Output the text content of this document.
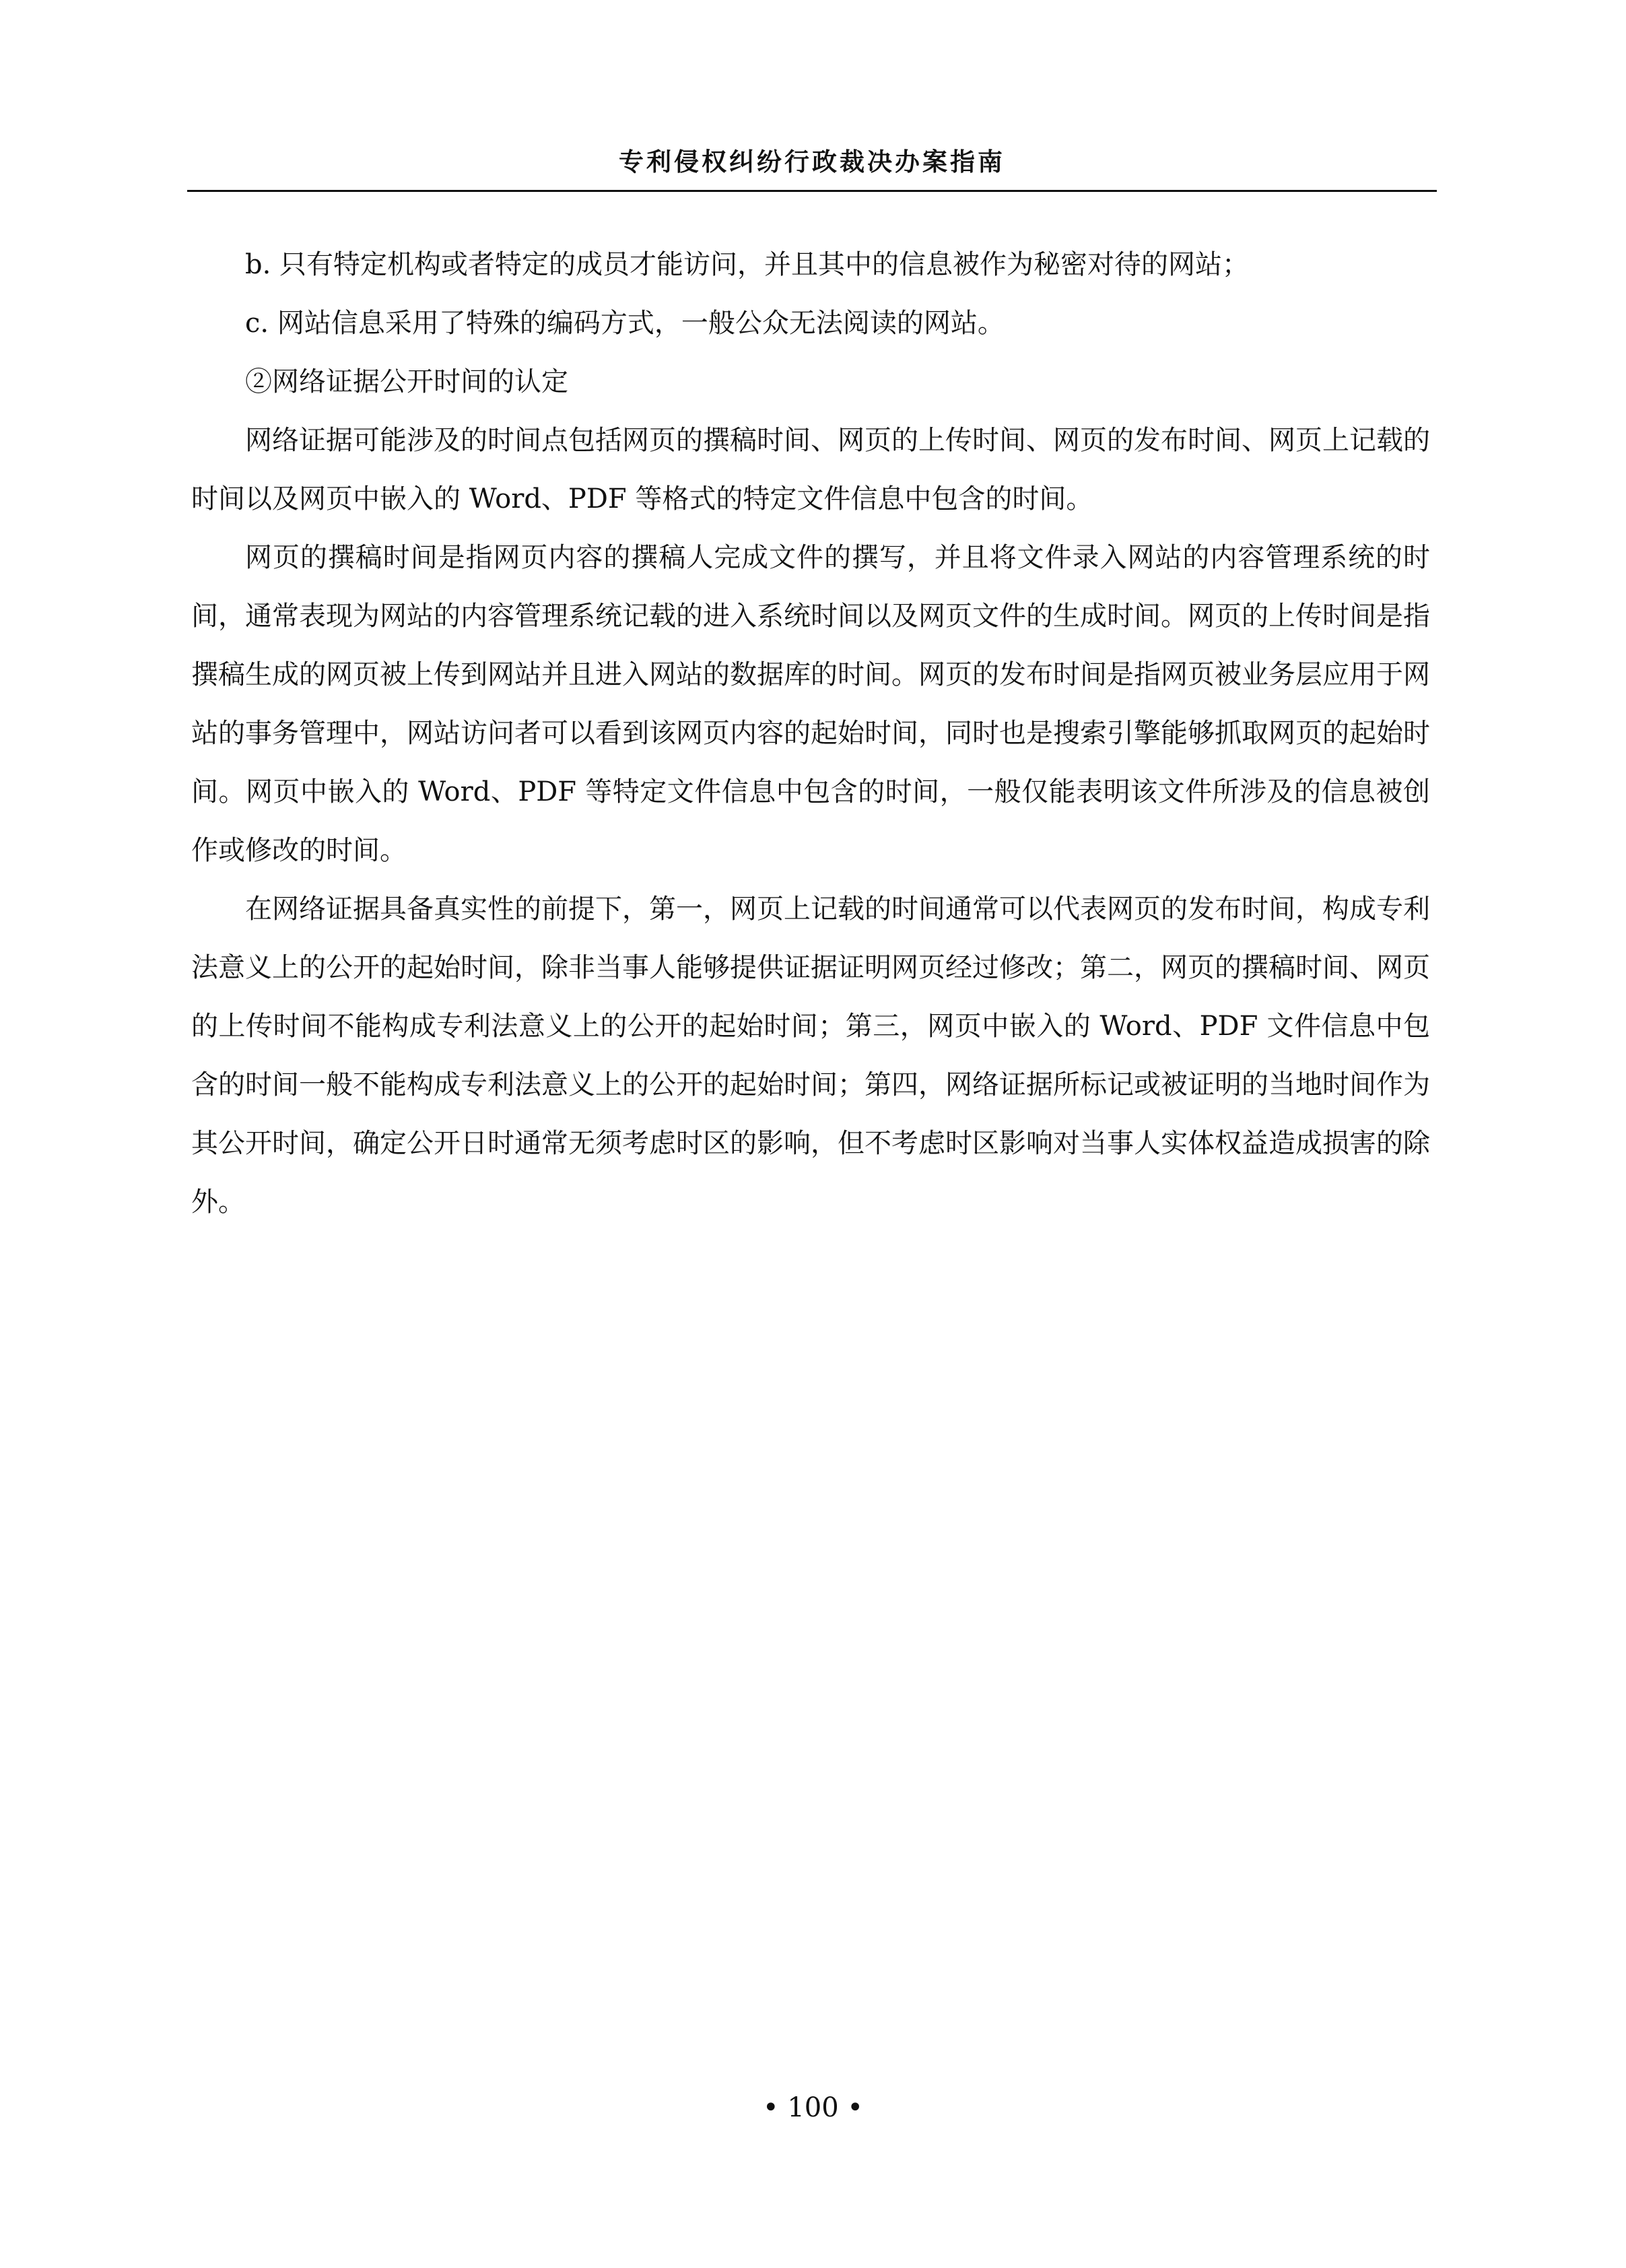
专利侵权纠纷行政裁决办案指南

b. 只有特定机构或者特定的成员才能访问，并且其中的信息被作为秘密对待的网站；

c. 网站信息采用了特殊的编码方式，一般公众无法阅读的网站。

②网络证据公开时间的认定

网络证据可能涉及的时间点包括网页的撰稿时间、网页的上传时间、网页的发布时间、网页上记载的时间以及网页中嵌入的 Word、PDF 等格式的特定文件信息中包含的时间。

网页的撰稿时间是指网页内容的撰稿人完成文件的撰写，并且将文件录入网站的内容管理系统的时间，通常表现为网站的内容管理系统记载的进入系统时间以及网页文件的生成时间。网页的上传时间是指撰稿生成的网页被上传到网站并且进入网站的数据库的时间。网页的发布时间是指网页被业务层应用于网站的事务管理中，网站访问者可以看到该网页内容的起始时间，同时也是搜索引擎能够抓取网页的起始时间。网页中嵌入的 Word、PDF 等特定文件信息中包含的时间，一般仅能表明该文件所涉及的信息被创作或修改的时间。

在网络证据具备真实性的前提下，第一，网页上记载的时间通常可以代表网页的发布时间，构成专利法意义上的公开的起始时间，除非当事人能够提供证据证明网页经过修改；第二，网页的撰稿时间、网页的上传时间不能构成专利法意义上的公开的起始时间；第三，网页中嵌入的 Word、PDF 文件信息中包含的时间一般不能构成专利法意义上的公开的起始时间；第四，网络证据所标记或被证明的当地时间作为其公开时间，确定公开日时通常无须考虑时区的影响，但不考虑时区影响对当事人实体权益造成损害的除外。

• 100 •
